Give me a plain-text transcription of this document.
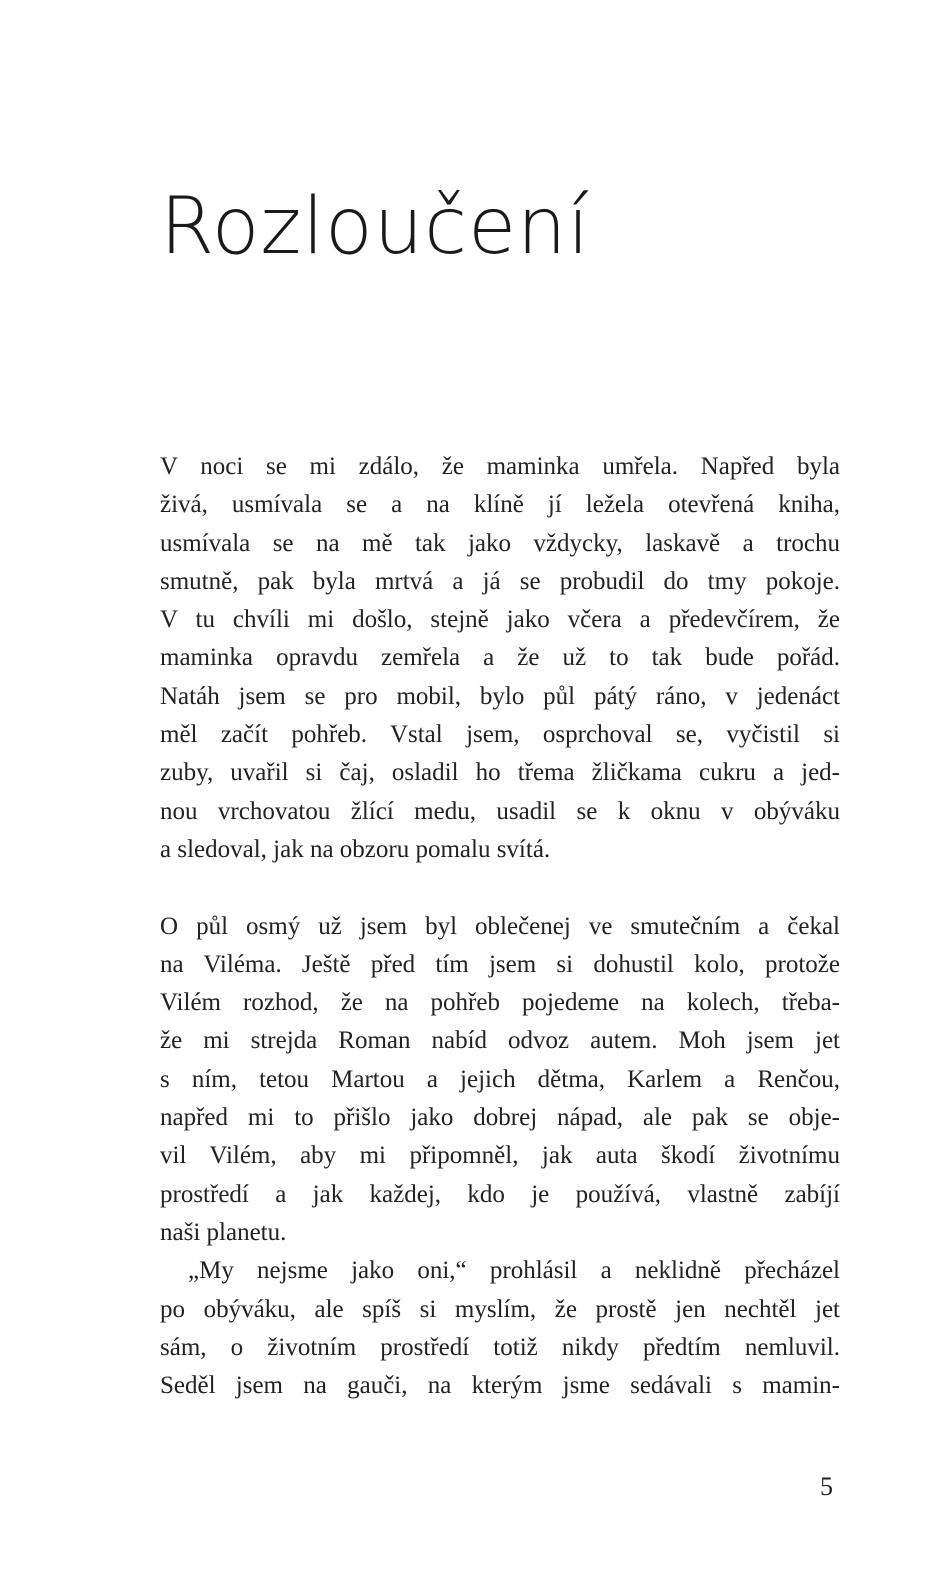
Rozloučení
V noci se mi zdálo, že maminka umřela. Napřed byla
živá, usmívala se a na klíně jí ležela otevřená kniha,
usmívala se na mě tak jako vždycky, laskavě a trochu
smutně, pak byla mrtvá a já se probudil do tmy pokoje.
V tu chvíli mi došlo, stejně jako včera a předevčírem, že
maminka opravdu zemřela a že už to tak bude pořád.
Natáh jsem se pro mobil, bylo půl pátý ráno, v jedenáct
měl začít pohřeb. Vstal jsem, osprchoval se, vyčistil si
zuby, uvařil si čaj, osladil ho třema žličkama cukru a jed-
nou vrchovatou žlící medu, usadil se k oknu v obýváku
a sledoval, jak na obzoru pomalu svítá.
O půl osmý už jsem byl oblečenej ve smutečním a čekal
na Viléma. Ještě před tím jsem si dohustil kolo, protože
Vilém rozhod, že na pohřeb pojedeme na kolech, třeba-
že mi strejda Roman nabíd odvoz autem. Moh jsem jet
s ním, tetou Martou a jejich dětma, Karlem a Renčou,
napřed mi to přišlo jako dobrej nápad, ale pak se obje-
vil Vilém, aby mi připomněl, jak auta škodí životnímu
prostředí a jak každej, kdo je používá, vlastně zabíjí
naši planetu.
„My nejsme jako oni,“ prohlásil a neklidně přecházel
po obýváku, ale spíš si myslím, že prostě jen nechtěl jet
sám, o životním prostředí totiž nikdy předtím nemluvil.
Seděl jsem na gauči, na kterým jsme sedávali s mamin-
5
